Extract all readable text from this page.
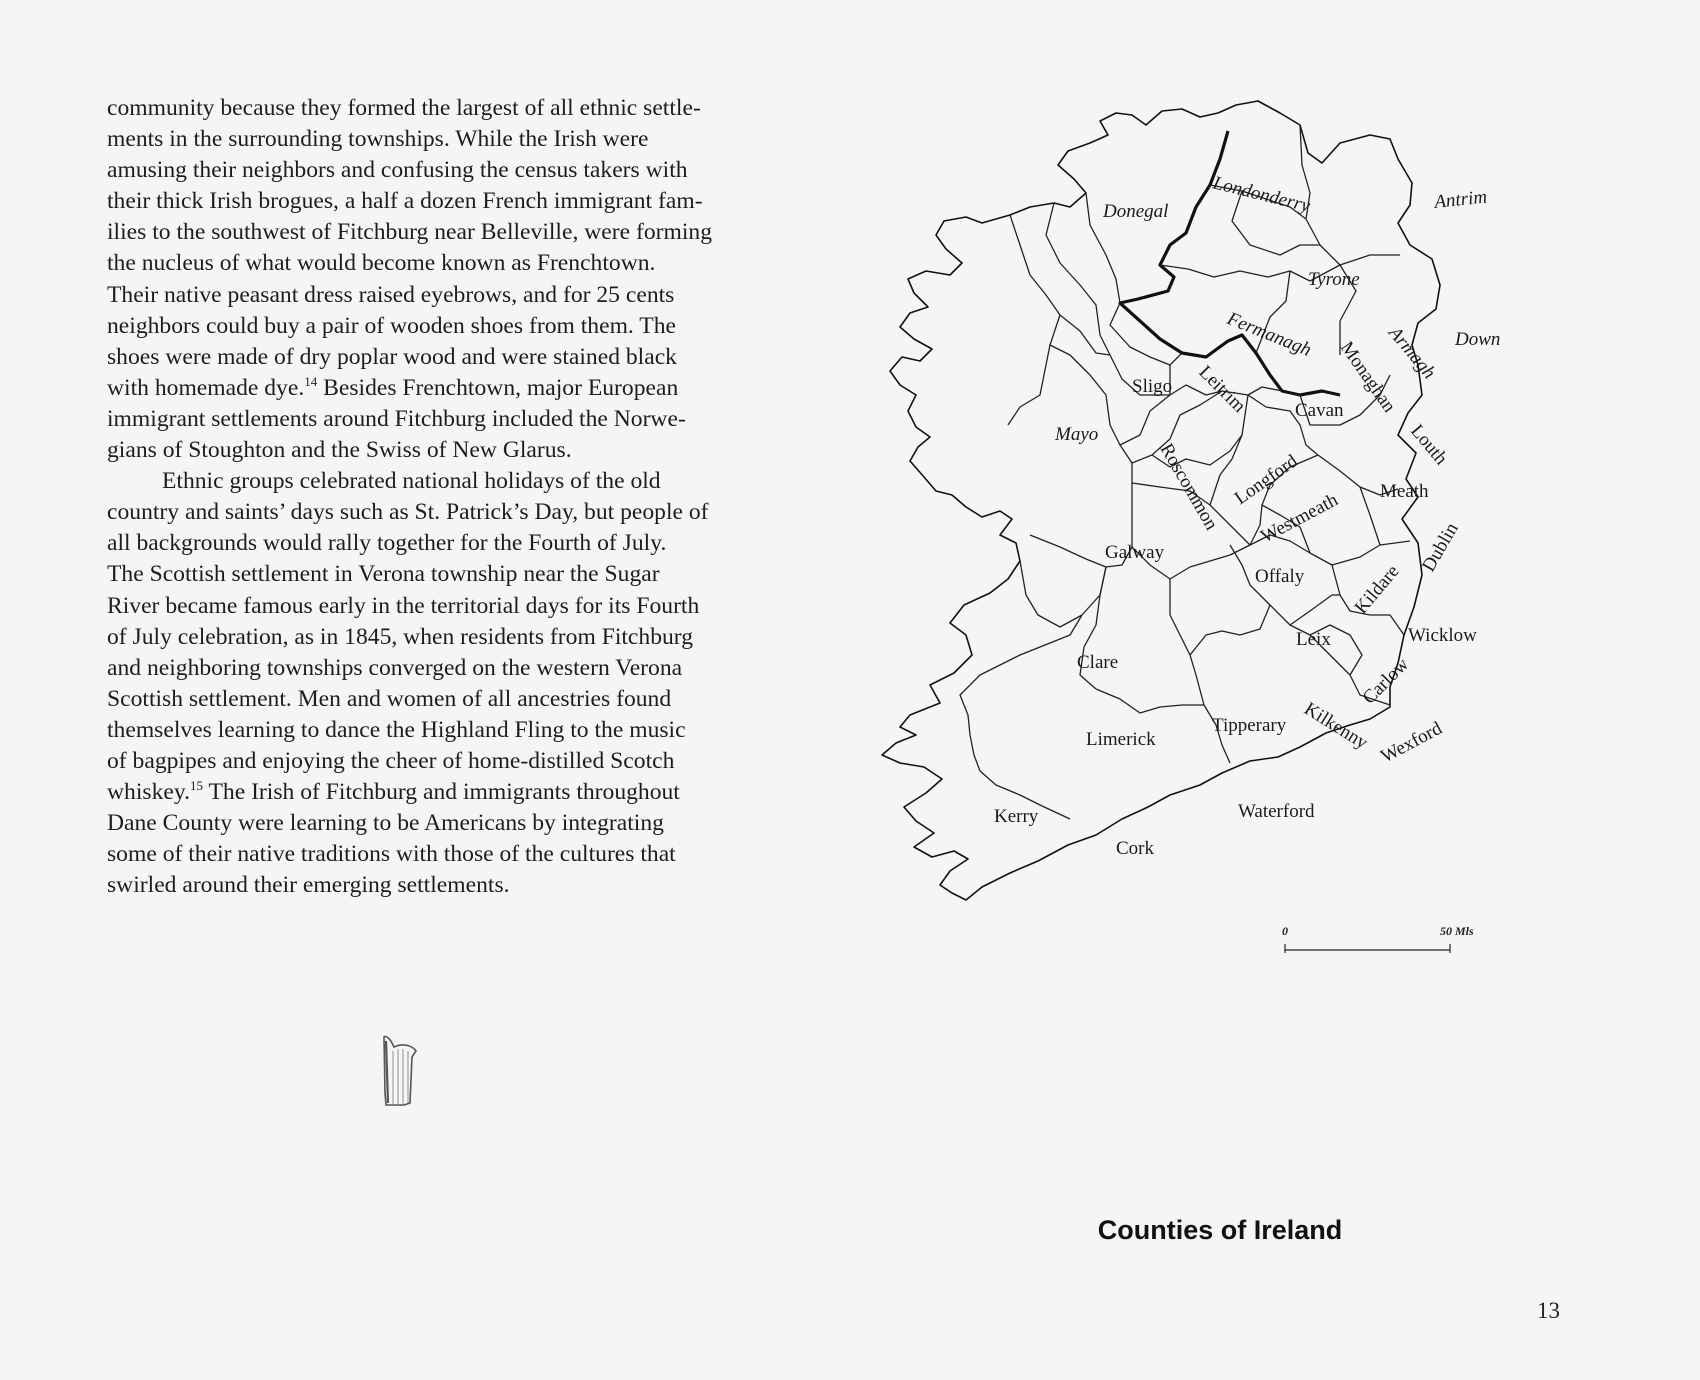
community because they formed the largest of all ethnic settle-
ments in the surrounding townships. While the Irish were
amusing their neighbors and confusing the census takers with
their thick Irish brogues, a half a dozen French immigrant fam-
ilies to the southwest of Fitchburg near Belleville, were forming
the nucleus of what would become known as Frenchtown.
Their native peasant dress raised eyebrows, and for 25 cents
neighbors could buy a pair of wooden shoes from them. The
shoes were made of dry poplar wood and were stained black
with homemade dye.$^{14}$ Besides Frenchtown, major European
immigrant settlements around Fitchburg included the Norwe-
gians of Stoughton and the Swiss of New Glarus.

Ethnic groups celebrated national holidays of the old
country and saints’ days such as St. Patrick’s Day, but people of
all backgrounds would rally together for the Fourth of July.
The Scottish settlement in Verona township near the Sugar
River became famous early in the territorial days for its Fourth
of July celebration, as in 1845, when residents from Fitchburg
and neighboring townships converged on the western Verona
Scottish settlement. Men and women of all ancestries found
themselves learning to dance the Highland Fling to the music
of bagpipes and enjoying the cheer of home-distilled Scotch
whiskey.$^{15}$ The Irish of Fitchburg and immigrants throughout
Dane County were learning to be Americans by integrating
some of their native traditions with those of the cultures that
swirled around their emerging settlements.

Donegal Londonderry	Antrim
Tyrone
Fermanagh	Armagh Down
Monaghan
Leitrim
Sligo
Cavan
Louth
Mayo
Roscommon Longford
Westmeath Meath
Galway	Dublin
Offaly Kildare
Wicklow
Leix
Clare	Carlow
Kilkenny
Tipperary
Limerick	Wexford
Kerry	Waterford
Cork
0	50 Mls
Counties of Ireland
13
